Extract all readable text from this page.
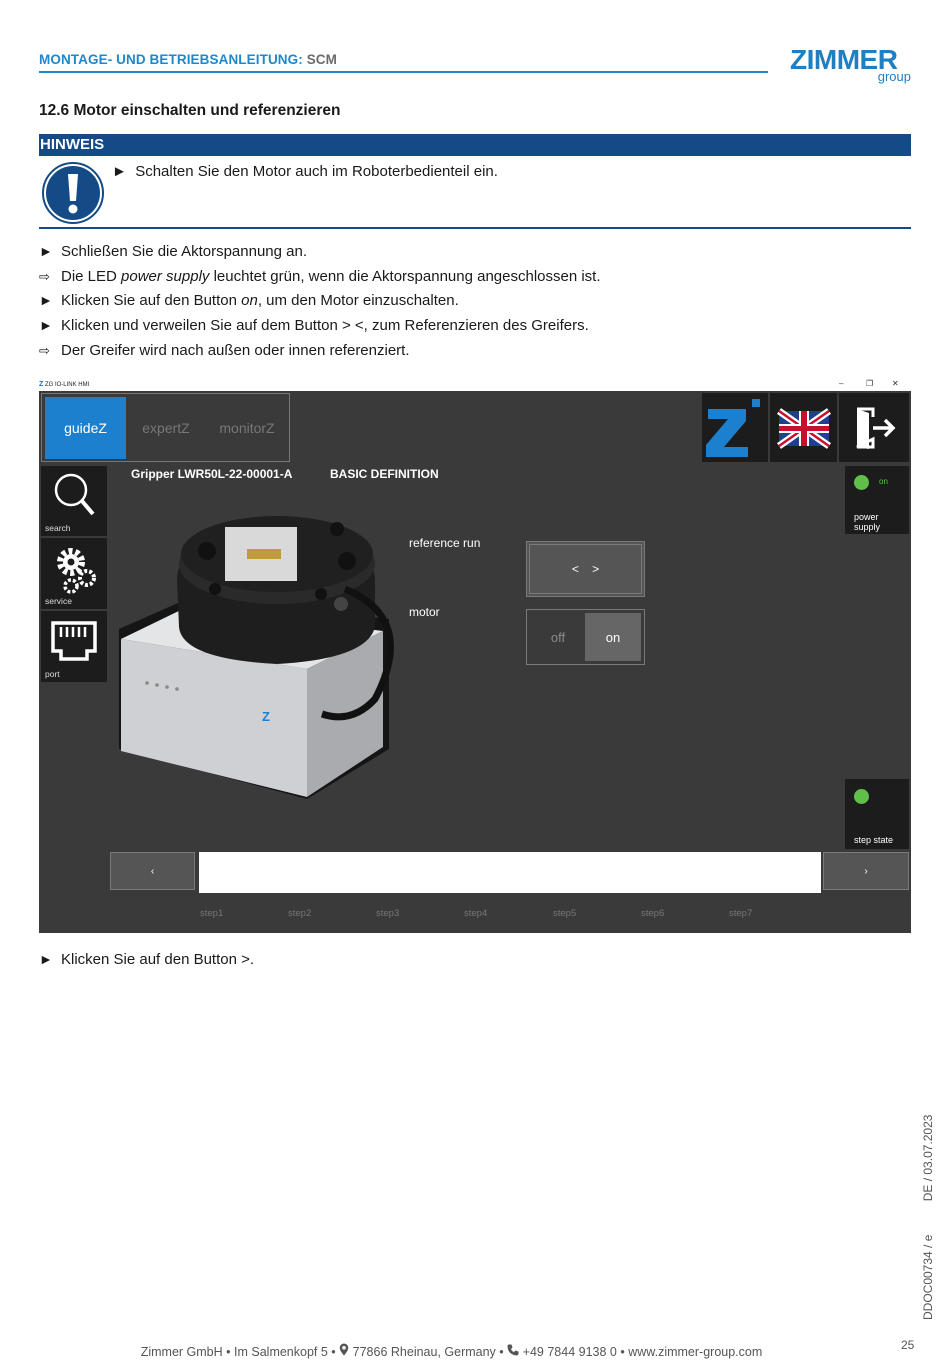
MONTAGE- UND BETRIEBSANLEITUNG: SCM	ZIMMER
group
12.6 Motor einschalten und referenzieren
HINWEIS
►  Schalten Sie den Motor auch im Roboterbedienteil ein.
► Schließen Sie die Aktorspannung an.
⇨ Die LED power supply leuchtet grün, wenn die Aktorspannung angeschlossen ist.
► Klicken Sie auf den Button on, um den Motor einzuschalten.
► Klicken und verweilen Sie auf dem Button > <, zum Referenzieren des Greifers.
⇨ Der Greifer wird nach außen oder innen referenziert.
Z ZG IO-LINK HMI	–	❐ ✕
guideZ	expertZ	monitorZ
search
service
port
Gripper LWR50L-22-00001-A	BASIC DEFINITION
Z
reference run
<    >
motor
off	on
on
power
supply
step state
‹	›
step1	step2	step3	step4	step5	step6	step7
► Klicken Sie auf den Button >.
DDOC00734 / e          DE / 03.07.2023
25
Zimmer GmbH • Im Salmenkopf 5 • 77866 Rheinau, Germany • +49 7844 9138 0 • www.zimmer-group.com
